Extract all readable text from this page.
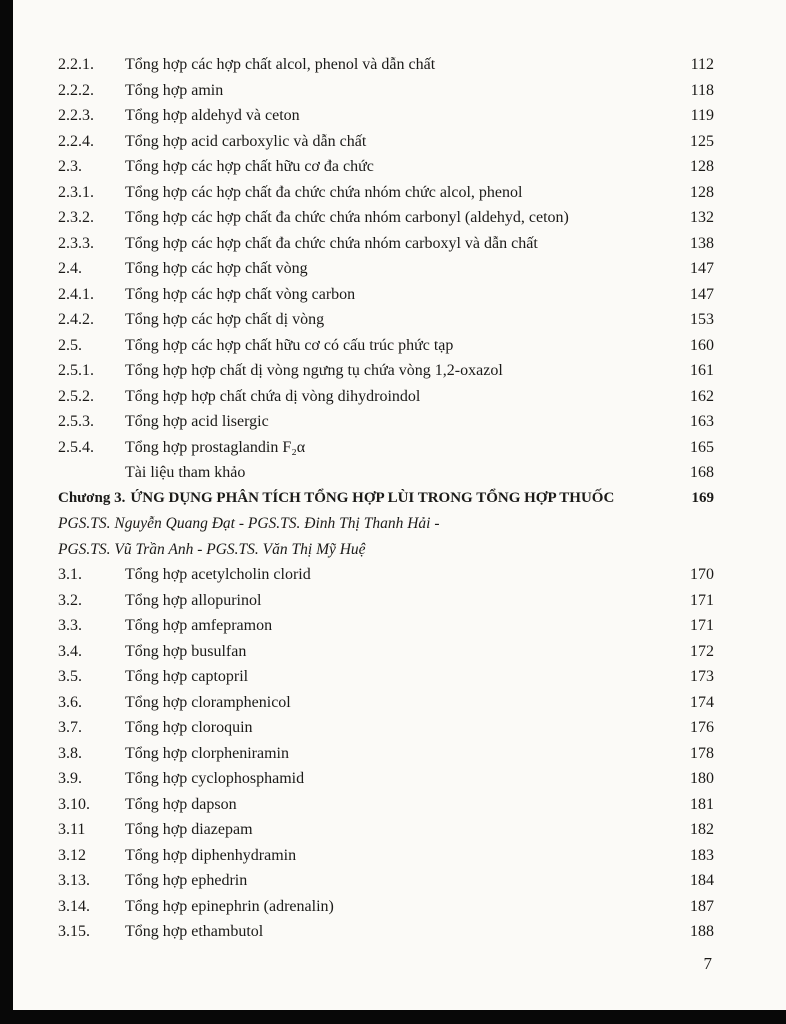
2.2.1.	Tổng hợp các hợp chất alcol, phenol và dẫn chất	112
2.2.2.	Tổng hợp amin	118
2.2.3.	Tổng hợp aldehyd và ceton	119
2.2.4.	Tổng hợp acid carboxylic và dẫn chất	125
2.3.	Tổng hợp các hợp chất hữu cơ đa chức	128
2.3.1.	Tổng hợp các hợp chất đa chức chứa nhóm chức alcol, phenol	128
2.3.2.	Tổng hợp các hợp chất đa chức chứa nhóm carbonyl (aldehyd, ceton)	132
2.3.3.	Tổng hợp các hợp chất đa chức chứa nhóm carboxyl và dẫn chất	138
2.4.	Tổng hợp các hợp chất vòng	147
2.4.1.	Tổng hợp các hợp chất vòng carbon	147
2.4.2.	Tổng hợp các hợp chất dị vòng	153
2.5.	Tổng hợp các hợp chất hữu cơ có cấu trúc phức tạp	160
2.5.1.	Tổng hợp hợp chất dị vòng ngưng tụ chứa vòng 1,2-oxazol	161
2.5.2.	Tổng hợp hợp chất chứa dị vòng dihydroindol	162
2.5.3.	Tổng hợp acid lisergic	163
2.5.4.	Tổng hợp prostaglandin F₂α	165
Tài liệu tham khảo	168
Chương 3. ỨNG DỤNG PHÂN TÍCH TỔNG HỢP LÙI TRONG TỔNG HỢP THUỐC	169
PGS.TS. Nguyễn Quang Đạt - PGS.TS. Đinh Thị Thanh Hải -
PGS.TS. Vũ Trần Anh - PGS.TS. Văn Thị Mỹ Huệ
3.1.	Tổng hợp acetylcholin clorid	170
3.2.	Tổng hợp allopurinol	171
3.3.	Tổng hợp amfepramon	171
3.4.	Tổng hợp busulfan	172
3.5.	Tổng hợp captopril	173
3.6.	Tổng hợp cloramphenicol	174
3.7.	Tổng hợp cloroquin	176
3.8.	Tổng hợp clorpheniramin	178
3.9.	Tổng hợp cyclophosphamid	180
3.10.	Tổng hợp dapson	181
3.11	Tổng hợp diazepam	182
3.12	Tổng hợp diphenhydramin	183
3.13.	Tổng hợp ephedrin	184
3.14.	Tổng hợp epinephrin (adrenalin)	187
3.15.	Tổng hợp ethambutol	188
7
